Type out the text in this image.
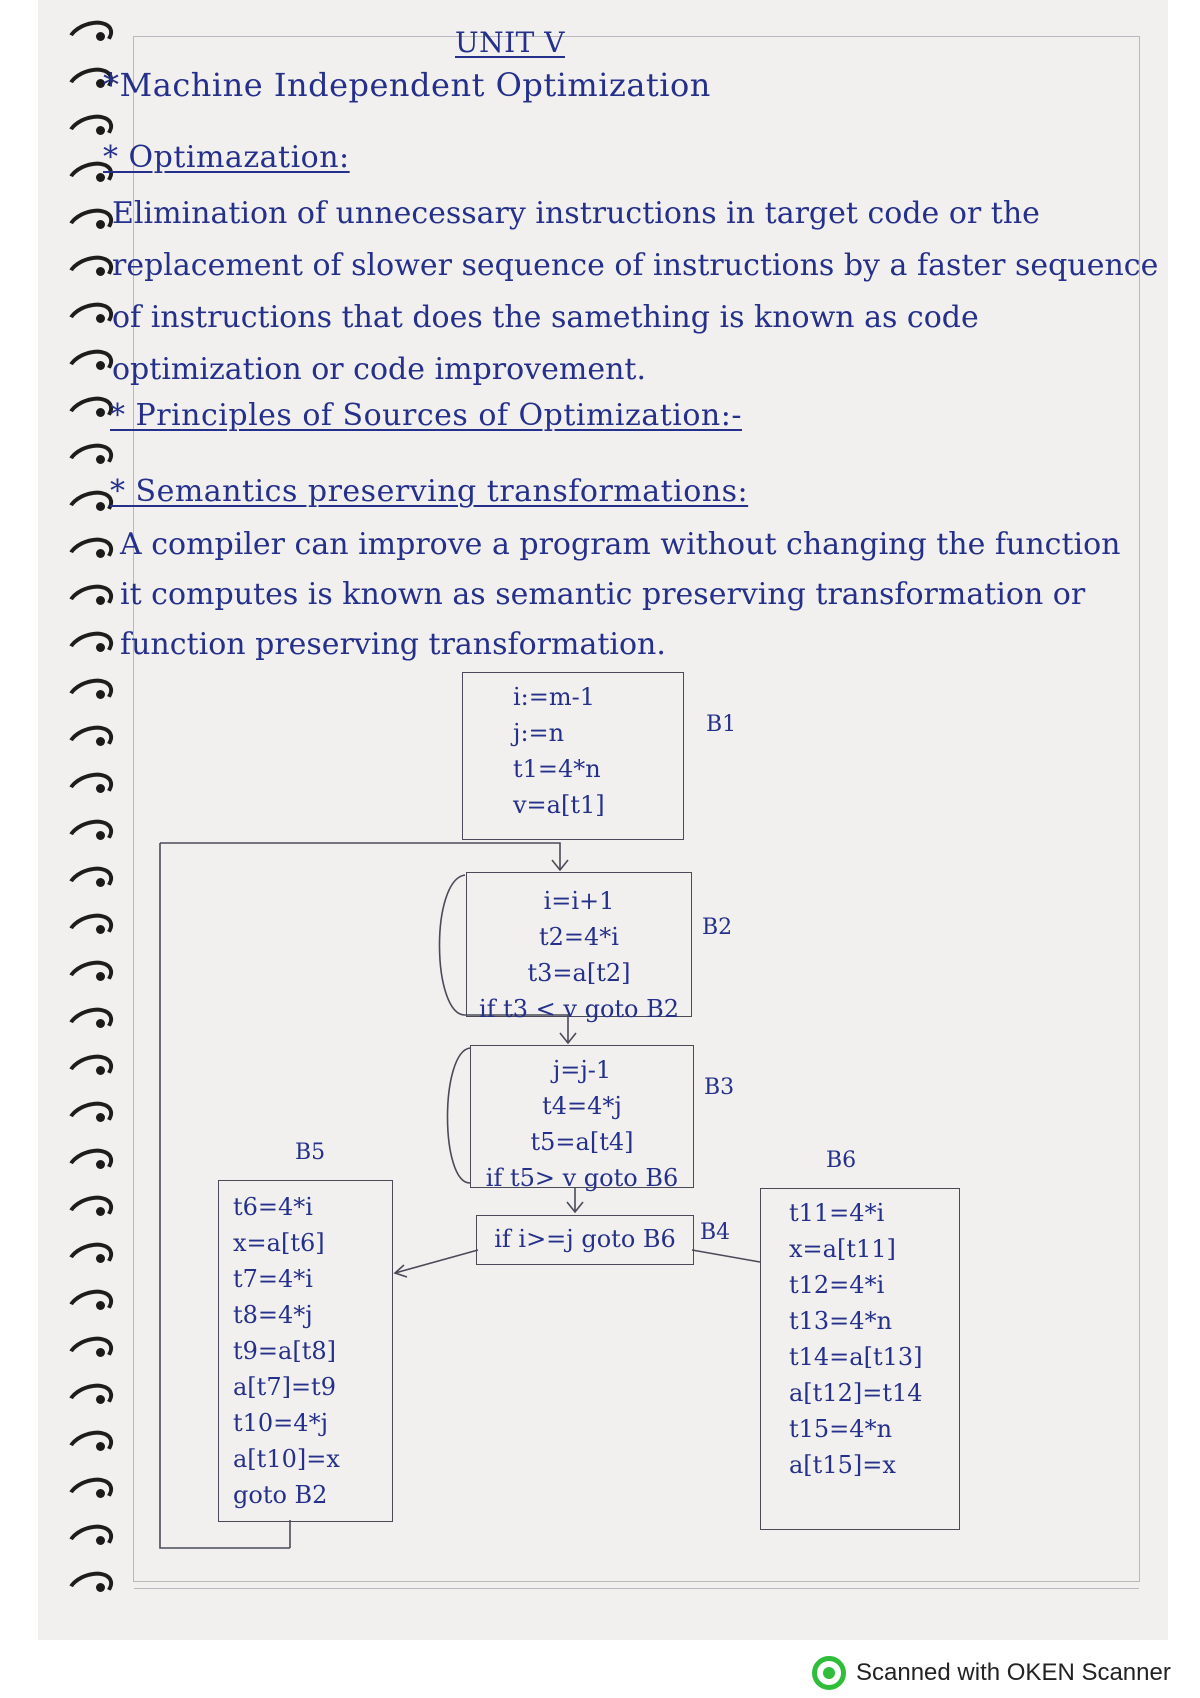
UNIT V
*Machine Independent Optimization
* Optimazation:
Elimination of unnecessary instructions in target code or the
replacement of slower sequence of instructions by a faster sequence
of instructions that does the samething is known as code
optimization or code improvement.
* Principles of Sources of Optimization:-
* Semantics preserving transformations:
A compiler can improve a program without changing the function
it computes is known as semantic preserving transformation or
function preserving transformation.
i:=m-1
j:=n
t1=4*n
v=a[t1]
B1
i=i+1
t2=4*i
t3=a[t2]
if t3 < v goto B2
B2
j=j-1
t4=4*j
t5=a[t4]
if t5> v goto B6
B3
if i>=j goto B6	B4
B5
t6=4*i
x=a[t6]
t7=4*i
t8=4*j
t9=a[t8]
a[t7]=t9
t10=4*j
a[t10]=x
goto B2
B6
t11=4*i
x=a[t11]
t12=4*i
t13=4*n
t14=a[t13]
a[t12]=t14
t15=4*n
a[t15]=x
Scanned with OKEN Scanner
